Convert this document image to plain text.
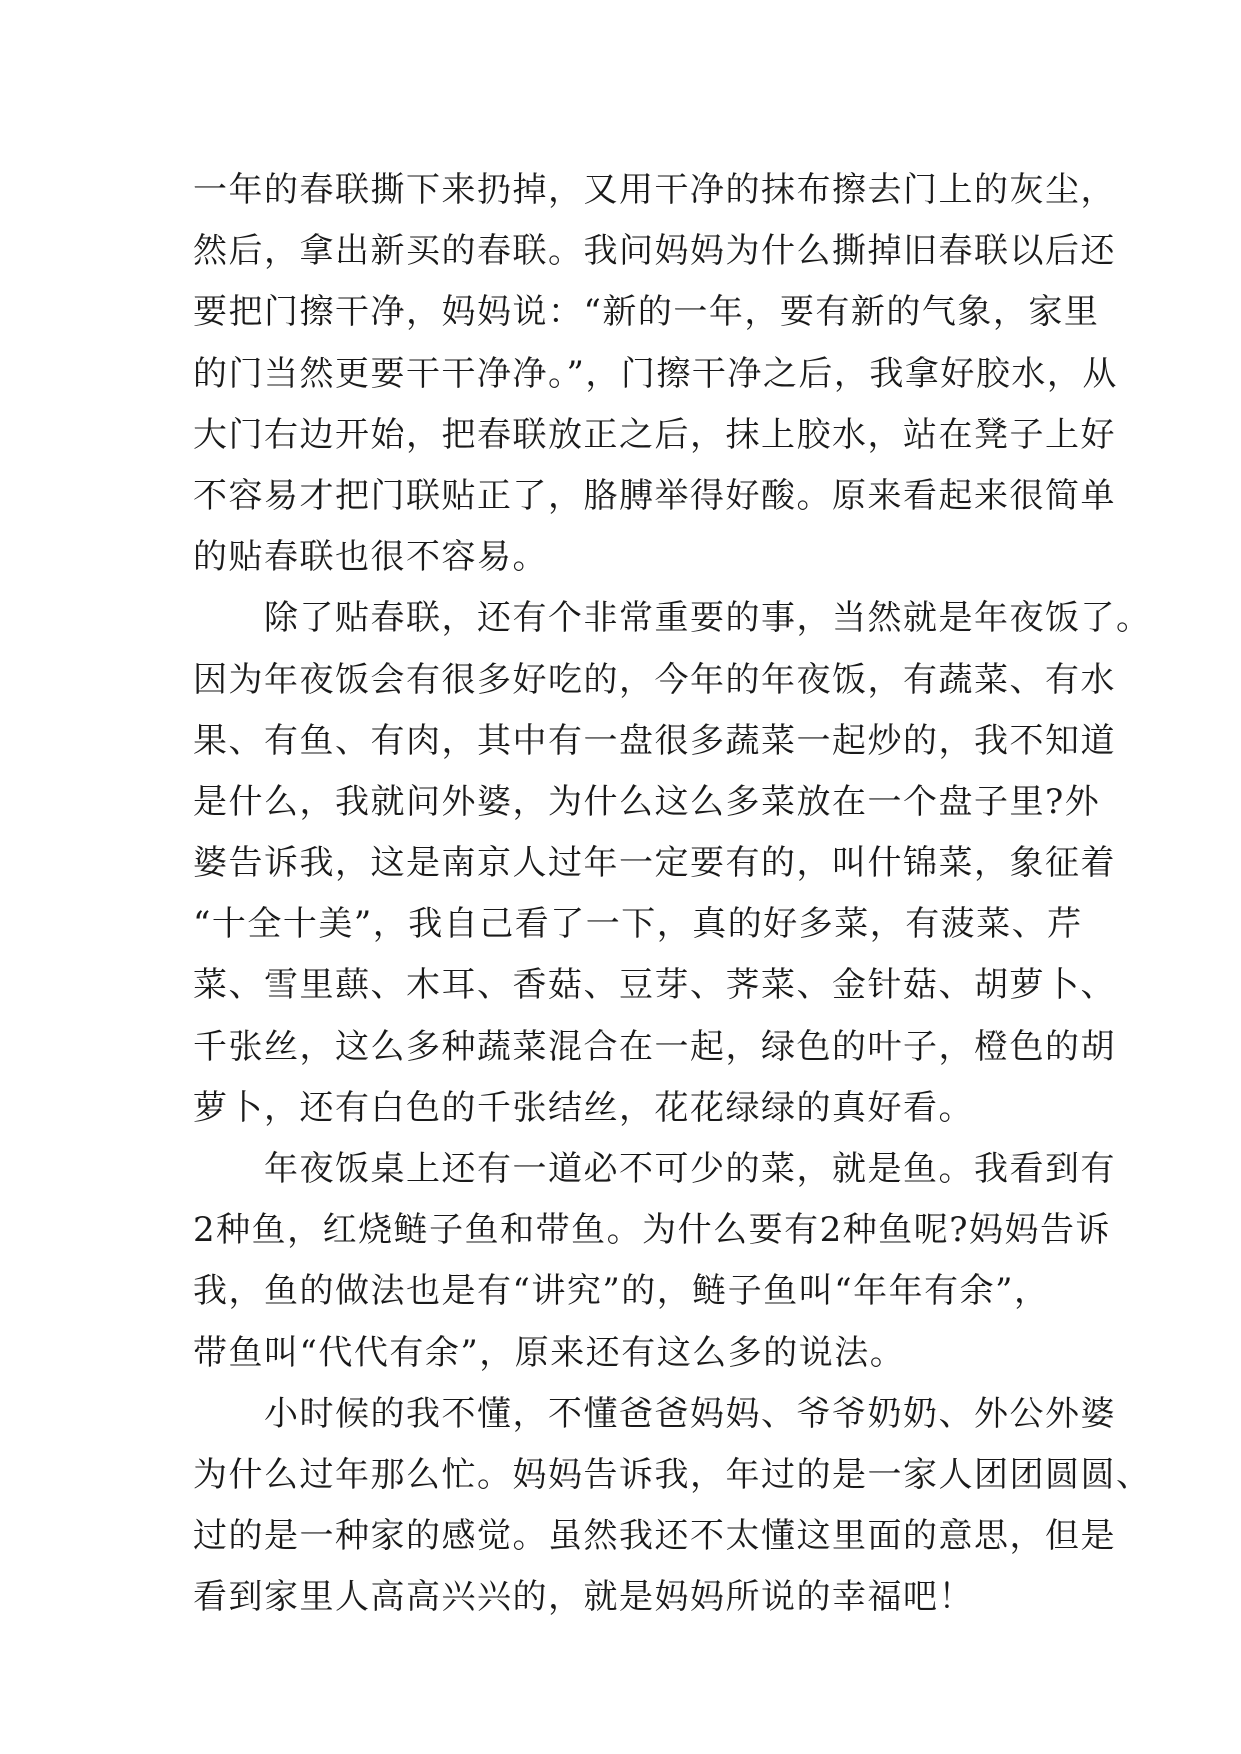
一年的春联撕下来扔掉，又用干净的抹布擦去门上的灰尘，
然后，拿出新买的春联。我问妈妈为什么撕掉旧春联以后还
要把门擦干净，妈妈说：“新的一年，要有新的气象，家里
的门当然更要干干净净。”，门擦干净之后，我拿好胶水，从
大门右边开始，把春联放正之后，抹上胶水，站在凳子上好
不容易才把门联贴正了，胳膊举得好酸。原来看起来很简单
的贴春联也很不容易。
　　除了贴春联，还有个非常重要的事，当然就是年夜饭了。
因为年夜饭会有很多好吃的，今年的年夜饭，有蔬菜、有水
果、有鱼、有肉，其中有一盘很多蔬菜一起炒的，我不知道
是什么，我就问外婆，为什么这么多菜放在一个盘子里?外
婆告诉我，这是南京人过年一定要有的，叫什锦菜，象征着
“十全十美”，我自己看了一下，真的好多菜，有菠菜、芹
菜、雪里蕻、木耳、香菇、豆芽、荠菜、金针菇、胡萝卜、
千张丝，这么多种蔬菜混合在一起，绿色的叶子，橙色的胡
萝卜，还有白色的千张结丝，花花绿绿的真好看。
　　年夜饭桌上还有一道必不可少的菜，就是鱼。我看到有
2种鱼，红烧鲢子鱼和带鱼。为什么要有2种鱼呢?妈妈告诉
我，鱼的做法也是有“讲究”的，鲢子鱼叫“年年有余”，
带鱼叫“代代有余”，原来还有这么多的说法。
　　小时候的我不懂，不懂爸爸妈妈、爷爷奶奶、外公外婆
为什么过年那么忙。妈妈告诉我，年过的是一家人团团圆圆、
过的是一种家的感觉。虽然我还不太懂这里面的意思，但是
看到家里人高高兴兴的，就是妈妈所说的幸福吧！
